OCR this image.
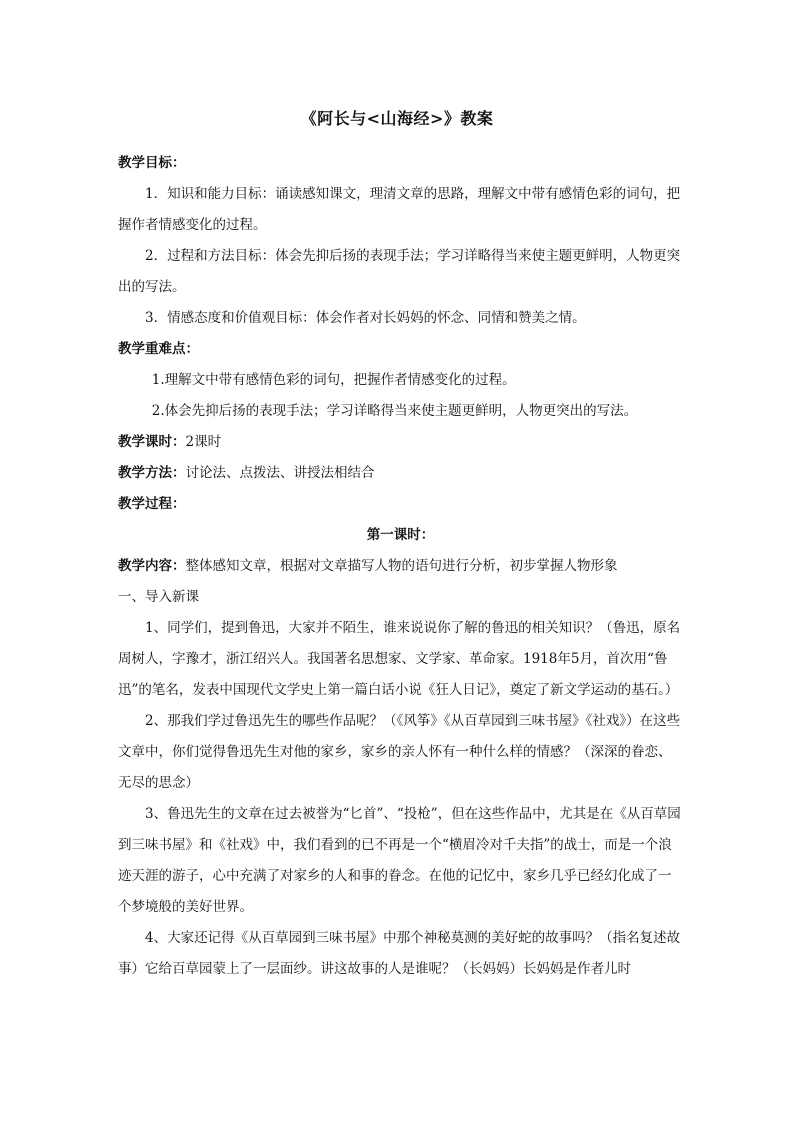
《阿长与<山海经>》教案

教学目标：

1．知识和能力目标：诵读感知课文，理清文章的思路，理解文中带有感情色彩的词句，把握作者情感变化的过程。

2．过程和方法目标：体会先抑后扬的表现手法；学习详略得当来使主题更鲜明，人物更突出的写法。

3．情感态度和价值观目标：体会作者对长妈妈的怀念、同情和赞美之情。

教学重难点：

1.理解文中带有感情色彩的词句，把握作者情感变化的过程。

2.体会先抑后扬的表现手法；学习详略得当来使主题更鲜明，人物更突出的写法。

教学课时：2课时

教学方法：讨论法、点拨法、讲授法相结合

教学过程：

第一课时：

教学内容：整体感知文章，根据对文章描写人物的语句进行分析，初步掌握人物形象

一、导入新课

1、同学们，提到鲁迅，大家并不陌生，谁来说说你了解的鲁迅的相关知识？（鲁迅，原名周树人，字豫才，浙江绍兴人。我国著名思想家、文学家、革命家。1918年5月，首次用“鲁迅”的笔名，发表中国现代文学史上第一篇白话小说《狂人日记》，奠定了新文学运动的基石。）

2、那我们学过鲁迅先生的哪些作品呢？（《风筝》《从百草园到三味书屋》《社戏》）在这些文章中，你们觉得鲁迅先生对他的家乡，家乡的亲人怀有一种什么样的情感？（深深的眷恋、无尽的思念）

3、鲁迅先生的文章在过去被誉为“匕首”、“投枪”，但在这些作品中，尤其是在《从百草园到三味书屋》和《社戏》中，我们看到的已不再是一个“横眉冷对千夫指”的战士，而是一个浪迹天涯的游子，心中充满了对家乡的人和事的眷念。在他的记忆中，家乡几乎已经幻化成了一个梦境般的美好世界。

4、大家还记得《从百草园到三味书屋》中那个神秘莫测的美好蛇的故事吗？（指名复述故事）它给百草园蒙上了一层面纱。讲这故事的人是谁呢？（长妈妈）长妈妈是作者儿时
